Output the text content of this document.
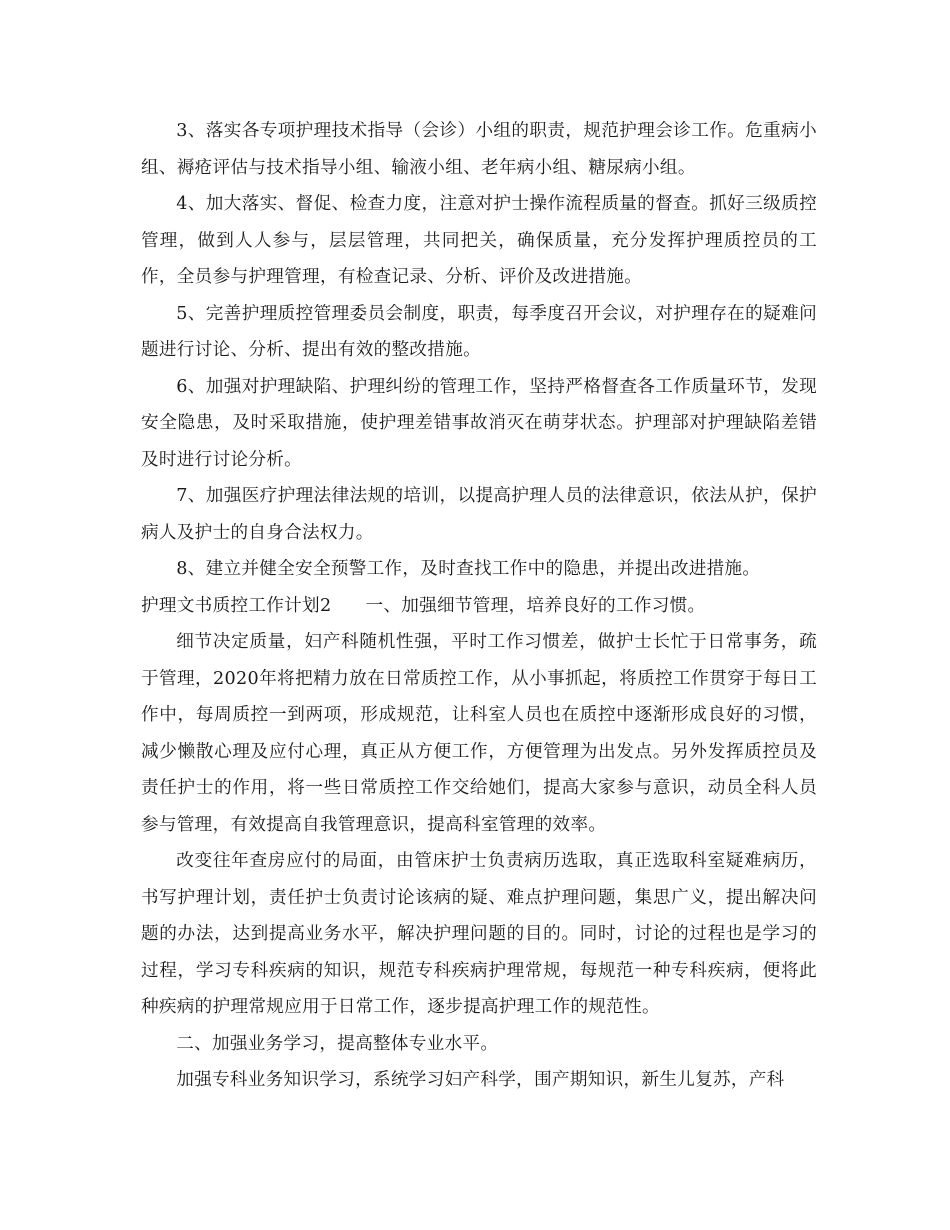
3、落实各专项护理技术指导（会诊）小组的职责，规范护理会诊工作。危重病小组、褥疮评估与技术指导小组、输液小组、老年病小组、糖尿病小组。

4、加大落实、督促、检查力度，注意对护士操作流程质量的督查。抓好三级质控管理，做到人人参与，层层管理，共同把关，确保质量，充分发挥护理质控员的工作，全员参与护理管理，有检查记录、分析、评价及改进措施。

5、完善护理质控管理委员会制度，职责，每季度召开会议，对护理存在的疑难问题进行讨论、分析、提出有效的整改措施。

6、加强对护理缺陷、护理纠纷的管理工作，坚持严格督查各工作质量环节，发现安全隐患，及时采取措施，使护理差错事故消灭在萌芽状态。护理部对护理缺陷差错及时进行讨论分析。

7、加强医疗护理法律法规的培训，以提高护理人员的法律意识，依法从护，保护病人及护士的自身合法权力。

8、建立并健全安全预警工作，及时查找工作中的隐患，并提出改进措施。

护理文书质控工作计划2 一、加强细节管理，培养良好的工作习惯。

细节决定质量，妇产科随机性强，平时工作习惯差，做护士长忙于日常事务，疏于管理，2020年将把精力放在日常质控工作，从小事抓起，将质控工作贯穿于每日工作中，每周质控一到两项，形成规范，让科室人员也在质控中逐渐形成良好的习惯，减少懒散心理及应付心理，真正从方便工作，方便管理为出发点。另外发挥质控员及责任护士的作用，将一些日常质控工作交给她们，提高大家参与意识，动员全科人员参与管理，有效提高自我管理意识，提高科室管理的效率。

改变往年查房应付的局面，由管床护士负责病历选取，真正选取科室疑难病历，书写护理计划，责任护士负责讨论该病的疑、难点护理问题，集思广义，提出解决问题的办法，达到提高业务水平，解决护理问题的目的。同时，讨论的过程也是学习的过程，学习专科疾病的知识，规范专科疾病护理常规，每规范一种专科疾病，便将此种疾病的护理常规应用于日常工作，逐步提高护理工作的规范性。

二、加强业务学习，提高整体专业水平。

加强专科业务知识学习，系统学习妇产科学，围产期知识，新生儿复苏，产科
